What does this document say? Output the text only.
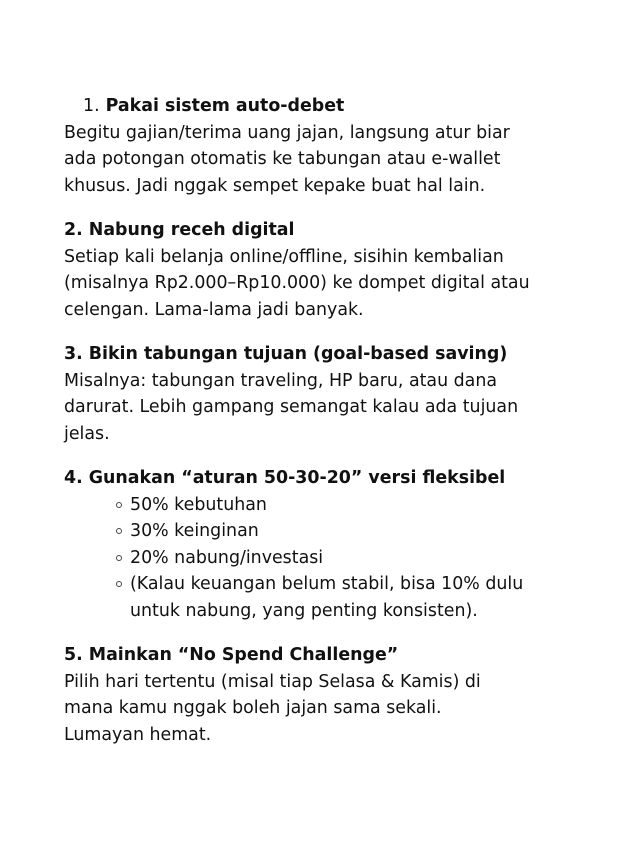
1. Pakai sistem auto-debet
Begitu gajian/terima uang jajan, langsung atur biar
ada potongan otomatis ke tabungan atau e-wallet
khusus. Jadi nggak sempet kepake buat hal lain.
2. Nabung receh digital
Setiap kali belanja online/offline, sisihin kembalian
(misalnya Rp2.000–Rp10.000) ke dompet digital atau
celengan. Lama-lama jadi banyak.
3. Bikin tabungan tujuan (goal-based saving)
Misalnya: tabungan traveling, HP baru, atau dana
darurat. Lebih gampang semangat kalau ada tujuan
jelas.
4. Gunakan “aturan 50-30-20” versi fleksibel
50% kebutuhan
30% keinginan
20% nabung/investasi
(Kalau keuangan belum stabil, bisa 10% dulu
untuk nabung, yang penting konsisten).
5. Mainkan “No Spend Challenge”
Pilih hari tertentu (misal tiap Selasa & Kamis) di
mana kamu nggak boleh jajan sama sekali.
Lumayan hemat.
